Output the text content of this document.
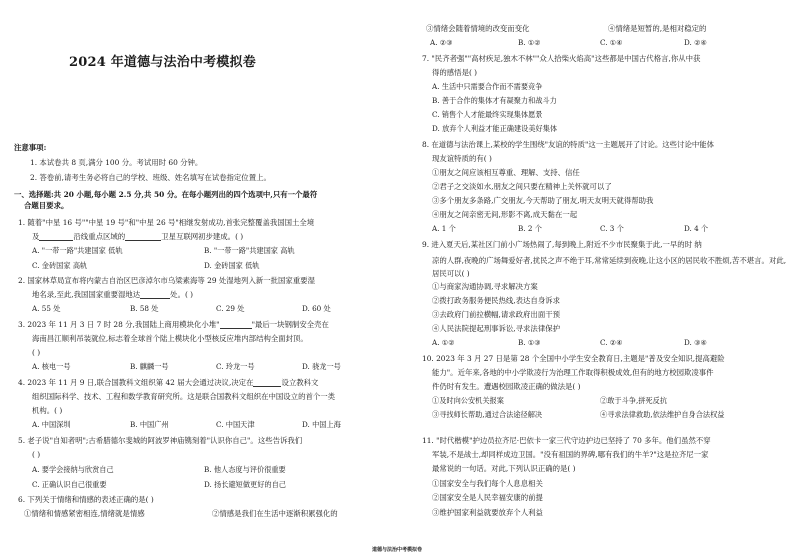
2024 年道德与法治中考模拟卷
注意事项:
1. 本试卷共 8 页,满分 100 分。考试用时 60 分钟。
2. 答卷前,请考生务必将自己的学校、班级、姓名填写在试卷指定位置上。
一、选择题:共 20 小题,每小题 2.5 分,共 50 分。在每小题列出的四个选项中,只有一个最符
合题目要求。
1. 随着"中星 16 号""中星 19 号"和"中星 26 号"相继发射成功,首张完整覆盖我国国土全境
及	沿线重点区域的	卫星互联网初步建成。( )
A. "一带一路"共建国家 低轨	B. "一带一路"共建国家 高轨
C. 金砖国家 高轨	D. 金砖国家 低轨
2. 国家林草局宣布将内蒙古自治区巴彦淖尔市乌梁素海等 29 处湿地列入新一批国家重要湿
地名录,至此,我国国家重要湿地达	处。( )
A. 55 处	B. 58 处	C. 29 处	D. 60 处
3. 2023 年 11 月 3 日 7 时 28 分,我国陆上商用模块化小堆"	"最后一块钢制安全壳在
海南昌江顺利吊装就位,标志着全球首个陆上模块化小型核反应堆内部结构全面封顶。
( )
A. 核电一号	B. 麒麟一号	C. 玲龙一号	D. 骁龙一号
4. 2023 年 11 月 9 日,联合国教科文组织第 42 届大会通过决议,决定在	设立教科文
组织国际科学、技术、工程和数学教育研究所。这是联合国教科文组织在中国设立的首个一类
机构。( )
A. 中国深圳	B. 中国广州	C. 中国天津	D. 中国上海
5. 老子说"自知者明";古希腊德尔斐城的阿波罗神庙镌刻着"认识你自己"。这些告诉我们
( )
A. 要学会接纳与欣赏自己	B. 他人态度与评价很重要
C. 正确认识自己很重要	D. 扬长避短做更好的自己
6. 下列关于情绪和情感的表述正确的是( )
①情绪和情感紧密相连,情绪就是情感	②情感是我们在生活中逐渐积累强化的
③情绪会随着情境的改变而变化	④情绪是短暂的,是相对稳定的
A. ②③	B. ①②	C. ①④	D. ②④
7. "民齐者强""高材疾足,独木不林""众人拾柴火焰高"这些都是中国古代格言,你从中获
得的感悟是( )
A. 生活中只需要合作而不需要竞争
B. 善于合作的集体才有凝聚力和战斗力
C. 销售个人才能最终实现集体愿景
D. 放弃个人利益才能正确建设美好集体
8. 在道德与法治课上,某校的学生围绕"友谊的特质"这一主题展开了讨论。这些讨论中能体
现友谊特质的有( )
①朋友之间应该相互尊重、理解、支持、信任
②君子之交淡如水,朋友之间只要在精神上关怀就可以了
③多个朋友多条路,广交朋友,今天帮助了朋友,明天友明天就得帮助我
④朋友之间亲密无间,形影不离,成天黏在一起
A. 1 个	B. 2 个	C. 3 个	D. 4 个
9. 进入夏天后,某社区门前小广场热闹了,每到晚上,附近不少市民聚集于此,一早的时 纳
凉的人群,夜晚的广场舞爱好者,扰民之声不绝于耳,常常延续到夜晚,让这小区的居民收不胜烦,苦不堪言。对此,居民可以( )
①与商家沟通协调,寻求解决方案
②拨打政务服务便民热线,表达自身诉求
③去政府门前拉横幅,请求政府出面干预
④人民法院提起刑事诉讼,寻求法律保护
A. ①②	B. ①③	C. ②④	D. ③④
10. 2023 年 3 月 27 日是第 28 个全国中小学生安全教育日,主题是"普及安全知识,提高避险
能力"。近年来,各地的中小学欺凌行为治理工作取得积极成效,但有的地方校园欺凌事件
件仍时有发生。遭遇校园欺凌正确的做法是( )
①及时向公安机关报案	②敢于斗争,拼死反抗
③寻找师长帮助,通过合法途径解决	④寻求法律救助,依法维护自身合法权益
11. "时代楷模"护边员拉齐尼·巴依卡一家三代守边护边已坚持了 70 多年。他们虽然不穿
军装,不是战士,却同样成边卫国。"没有祖国的界碑,哪有我们的牛羊?"这是拉齐尼一家
最常说的一句话。对此,下列认识正确的是( )
①国家安全与我们每个人息息相关
②国家安全是人民幸福安康的前提
③维护国家利益就要放弃个人利益
道德与法治中考模拟卷
